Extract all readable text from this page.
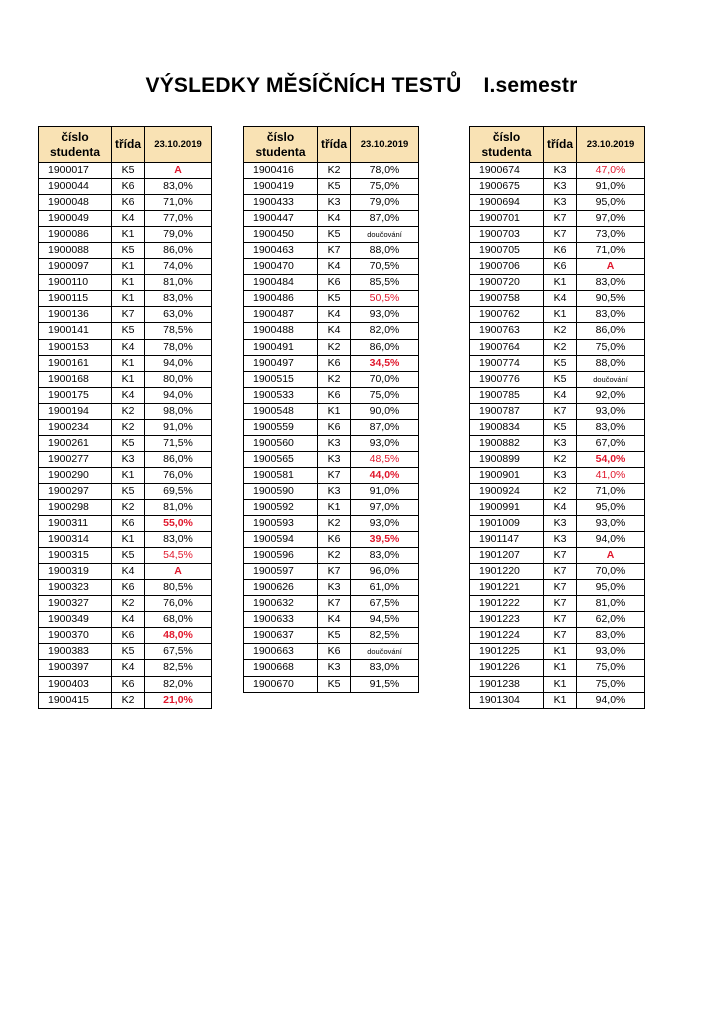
VÝSLEDKY MĚSÍČNÍCH TESTŮ I.semestr
číslo
studenta	třída	23.10.2019
1900017	K5	A
1900044	K6	83,0%
1900048	K6	71,0%
1900049	K4	77,0%
1900086	K1	79,0%
1900088	K5	86,0%
1900097	K1	74,0%
1900110	K1	81,0%
1900115	K1	83,0%
1900136	K7	63,0%
1900141	K5	78,5%
1900153	K4	78,0%
1900161	K1	94,0%
1900168	K1	80,0%
1900175	K4	94,0%
1900194	K2	98,0%
1900234	K2	91,0%
1900261	K5	71,5%
1900277	K3	86,0%
1900290	K1	76,0%
1900297	K5	69,5%
1900298	K2	81,0%
1900311	K6	55,0%
1900314	K1	83,0%
1900315	K5	54,5%
1900319	K4	A
1900323	K6	80,5%
1900327	K2	76,0%
1900349	K4	68,0%
1900370	K6	48,0%
1900383	K5	67,5%
1900397	K4	82,5%
1900403	K6	82,0%
1900415	K2	21,0%
číslo
studenta	třída	23.10.2019
1900416	K2	78,0%
1900419	K5	75,0%
1900433	K3	79,0%
1900447	K4	87,0%
1900450	K5	doučování
1900463	K7	88,0%
1900470	K4	70,5%
1900484	K6	85,5%
1900486	K5	50,5%
1900487	K4	93,0%
1900488	K4	82,0%
1900491	K2	86,0%
1900497	K6	34,5%
1900515	K2	70,0%
1900533	K6	75,0%
1900548	K1	90,0%
1900559	K6	87,0%
1900560	K3	93,0%
1900565	K3	48,5%
1900581	K7	44,0%
1900590	K3	91,0%
1900592	K1	97,0%
1900593	K2	93,0%
1900594	K6	39,5%
1900596	K2	83,0%
1900597	K7	96,0%
1900626	K3	61,0%
1900632	K7	67,5%
1900633	K4	94,5%
1900637	K5	82,5%
1900663	K6	doučování
1900668	K3	83,0%
1900670	K5	91,5%
číslo
studenta	třída	23.10.2019
1900674	K3	47,0%
1900675	K3	91,0%
1900694	K3	95,0%
1900701	K7	97,0%
1900703	K7	73,0%
1900705	K6	71,0%
1900706	K6	A
1900720	K1	83,0%
1900758	K4	90,5%
1900762	K1	83,0%
1900763	K2	86,0%
1900764	K2	75,0%
1900774	K5	88,0%
1900776	K5	doučování
1900785	K4	92,0%
1900787	K7	93,0%
1900834	K5	83,0%
1900882	K3	67,0%
1900899	K2	54,0%
1900901	K3	41,0%
1900924	K2	71,0%
1900991	K4	95,0%
1901009	K3	93,0%
1901147	K3	94,0%
1901207	K7	A
1901220	K7	70,0%
1901221	K7	95,0%
1901222	K7	81,0%
1901223	K7	62,0%
1901224	K7	83,0%
1901225	K1	93,0%
1901226	K1	75,0%
1901238	K1	75,0%
1901304	K1	94,0%
